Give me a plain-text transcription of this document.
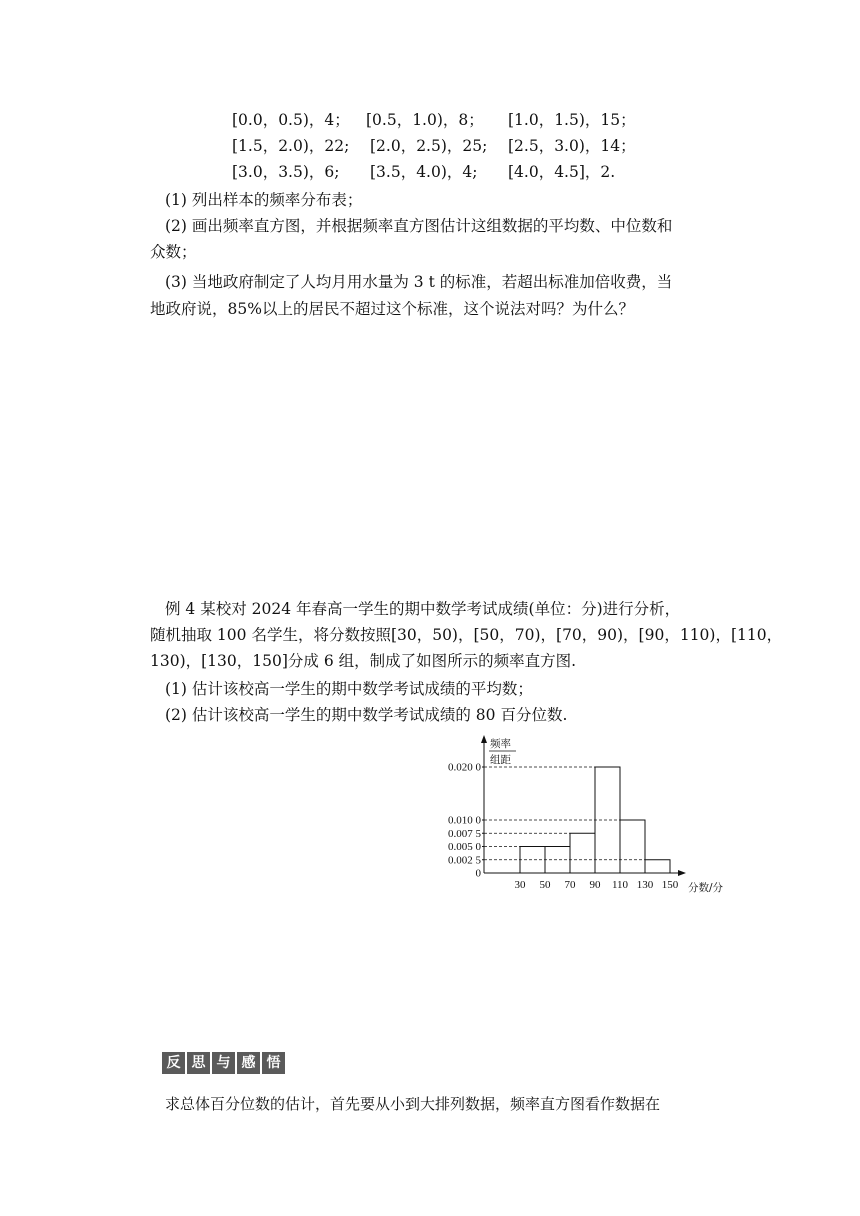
[0.0，0.5)，4； [0.5，1.0)，8； [1.0，1.5)，15；
[1.5，2.0)，22; [2.0，2.5)，25; [2.5，3.0)，14；
[3.0，3.5)，6; [3.5，4.0)，4; [4.0，4.5]，2.
(1) 列出样本的频率分布表；
(2) 画出频率直方图，并根据频率直方图估计这组数据的平均数、中位数和
众数；
(3) 当地政府制定了人均月用水量为 3 t 的标准，若超出标准加倍收费，当
地政府说，85%以上的居民不超过这个标准，这个说法对吗？为什么？
例 4 某校对 2024 年春高一学生的期中数学考试成绩(单位：分)进行分析，
随机抽取 100 名学生，将分数按照[30，50)，[50，70)，[70，90)，[90，110)，[110，
130)，[130，150]分成 6 组，制成了如图所示的频率直方图.
(1) 估计该校高一学生的期中数学考试成绩的平均数；
(2) 估计该校高一学生的期中数学考试成绩的 80 百分位数.
频率
组距
分数/分
0.020 0
0.010 0
0.007 5
0.005 0
0.002 5
0
30 50 70 90 110 130 150
反 思 与 感 悟
求总体百分位数的估计，首先要从小到大排列数据，频率直方图看作数据在
